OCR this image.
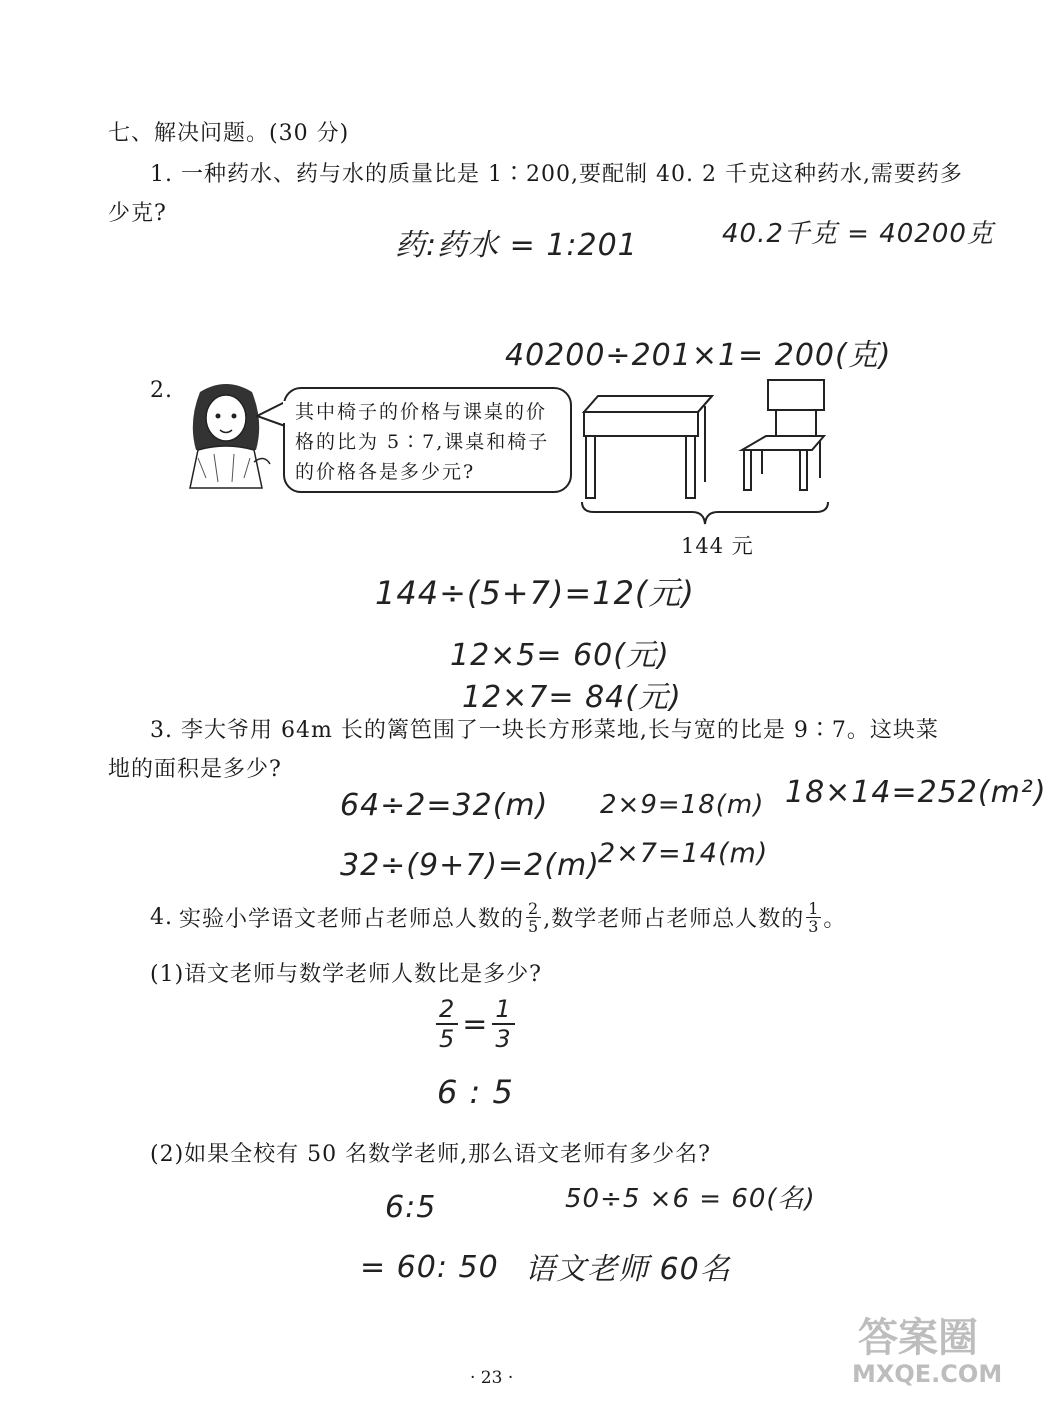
七、解决问题。(30 分)
1. 一种药水、药与水的质量比是 1∶200,要配制 40. 2 千克这种药水,需要药多
少克?
药:药水 = 1:201	40.2千克 = 40200克
40200÷201×1= 200(克)
2.
其中椅子的价格与课桌的价格的比为 5∶7,课桌和椅子的价格各是多少元?
144 元
144÷(5+7)=12(元)
12×5= 60(元)
12×7= 84(元)
3. 李大爷用 64m 长的篱笆围了一块长方形菜地,长与宽的比是 9∶7。这块菜
地的面积是多少?
64÷2=32(m) 2×9=18(m) 18×14=252(m²)
32÷(9+7)=2(m)
2×7=14(m)
4. 实验小学语文老师占老师总人数的 $\frac{2}{5}$ ,数学老师占老师总人数的 $\frac{1}{3}$ 。
(1)语文老师与数学老师人数比是多少?
$\frac{2}{5} = \frac{1}{3}$
6 : 5
(2)如果全校有 50 名数学老师,那么语文老师有多少名?
6:5	50÷5 ×6 = 60(名)
= 60: 50 语文老师 60名
· 23 ·
答案圈
MXQE.COM
